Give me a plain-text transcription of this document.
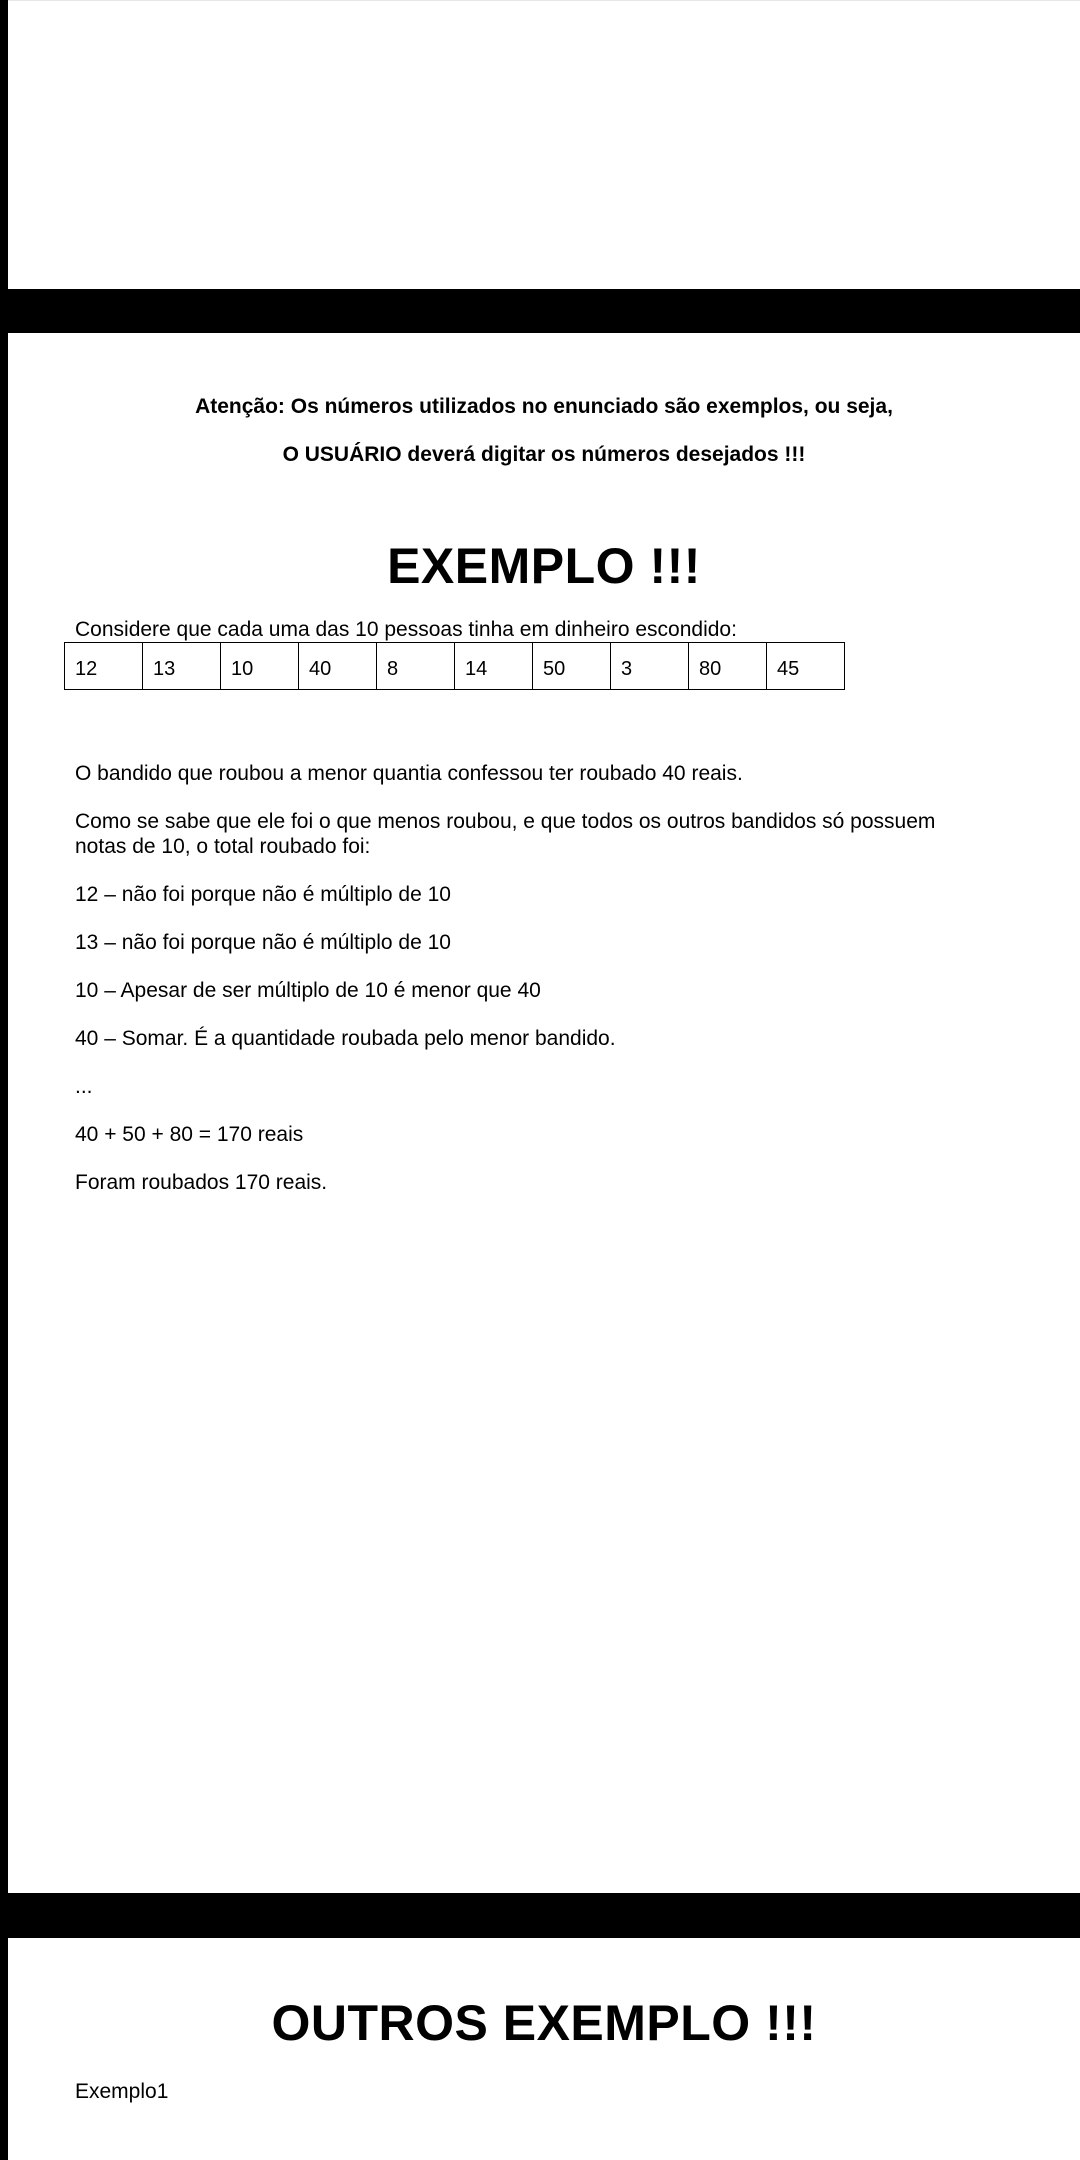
Atenção: Os números utilizados no enunciado são exemplos, ou seja,
O USUÁRIO deverá digitar os números desejados !!!
EXEMPLO !!!
Considere que cada uma das 10 pessoas tinha em dinheiro escondido:
12	13	10	40	8	14	50	3	80	45
O bandido que roubou a menor quantia confessou ter roubado 40 reais.
Como se sabe que ele foi o que menos roubou, e que todos os outros bandidos só possuem
notas de 10, o total roubado foi:
12 – não foi porque não é múltiplo de 10
13 – não foi porque não é múltiplo de 10
10 – Apesar de ser múltiplo de 10 é menor que 40
40 – Somar. É a quantidade roubada pelo menor bandido.
...
40 + 50 + 80 = 170 reais
Foram roubados 170 reais.
OUTROS EXEMPLO !!!
Exemplo1
